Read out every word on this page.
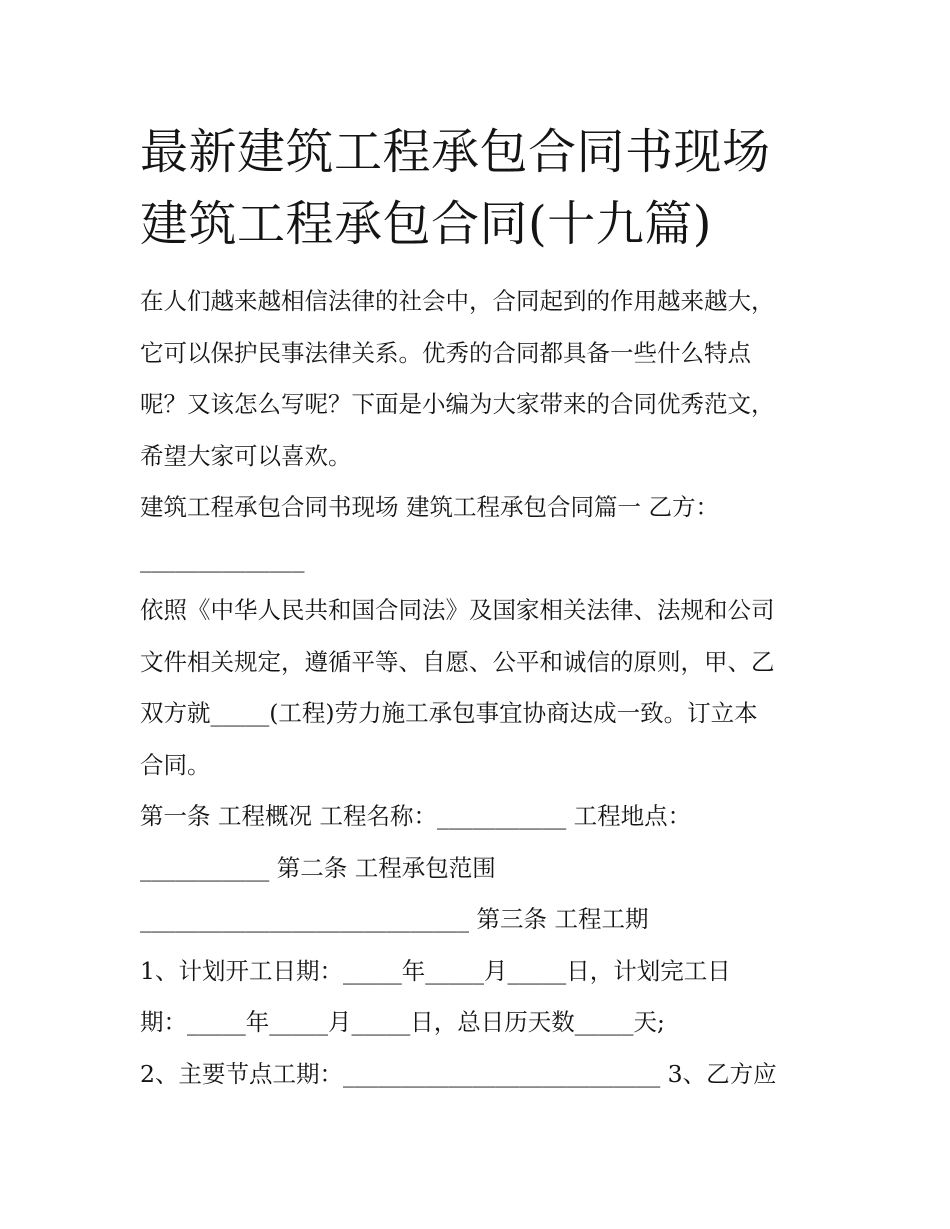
最新建筑工程承包合同书现场
建筑工程承包合同(十九篇)
在人们越来越相信法律的社会中，合同起到的作用越来越大，
它可以保护民事法律关系。优秀的合同都具备一些什么特点
呢？又该怎么写呢？下面是小编为大家带来的合同优秀范文，
希望大家可以喜欢。
建筑工程承包合同书现场 建筑工程承包合同篇一 乙方：
______________
依照《中华人民共和国合同法》及国家相关法律、法规和公司
文件相关规定，遵循平等、自愿、公平和诚信的原则，甲、乙
双方就_____(工程)劳力施工承包事宜协商达成一致。订立本
合同。
第一条 工程概况 工程名称：___________ 工程地点：
___________ 第二条 工程承包范围
____________________________ 第三条 工程工期
1、计划开工日期：_____年_____月_____日，计划完工日
期：_____年_____月_____日，总日历天数_____天;
2、主要节点工期：___________________________ 3、乙方应
